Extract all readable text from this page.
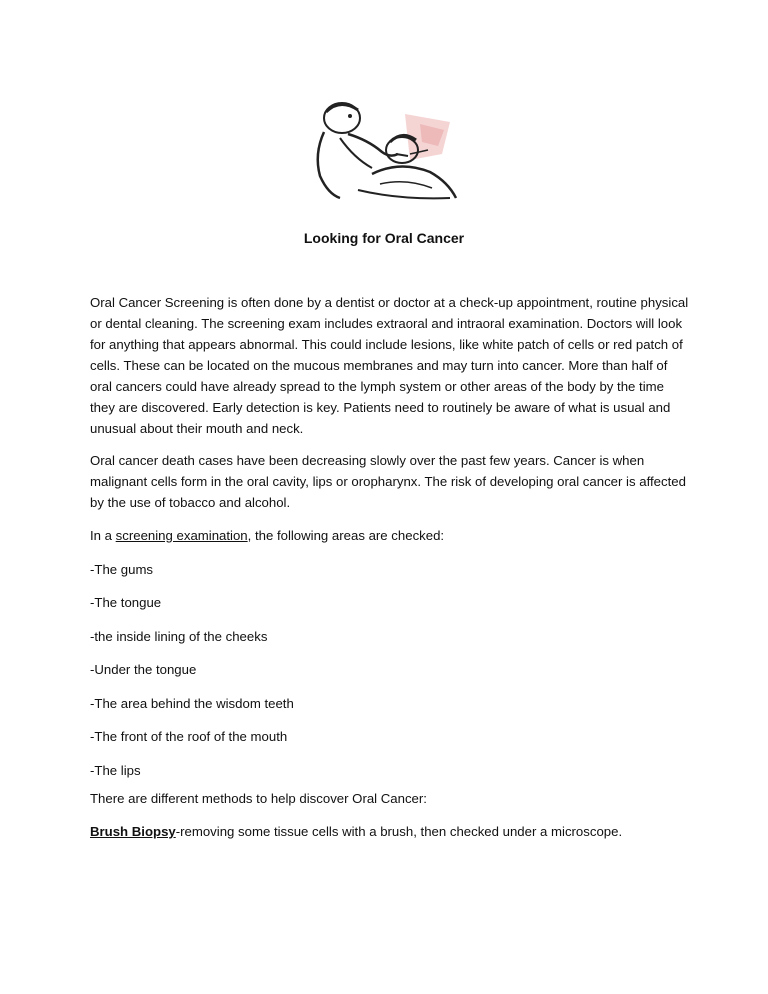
Looking for Oral Cancer

Oral Cancer Screening is often done by a dentist or doctor at a check-up appointment, routine physical or dental cleaning. The screening exam includes extraoral and intraoral examination. Doctors will look for anything that appears abnormal. This could include lesions, like white patch of cells or red patch of cells. These can be located on the mucous membranes and may turn into cancer. More than half of oral cancers could have already spread to the lymph system or other areas of the body by the time they are discovered. Early detection is key. Patients need to routinely be aware of what is usual and unusual about their mouth and neck.

Oral cancer death cases have been decreasing slowly over the past few years. Cancer is when malignant cells form in the oral cavity, lips or oropharynx. The risk of developing oral cancer is affected by the use of tobacco and alcohol.

In a screening examination, the following areas are checked:

-The gums

-The tongue

-the inside lining of the cheeks

-Under the tongue

-The area behind the wisdom teeth

-The front of the roof of the mouth

-The lips

There are different methods to help discover Oral Cancer:

Brush Biopsy-removing some tissue cells with a brush, then checked under a microscope.
